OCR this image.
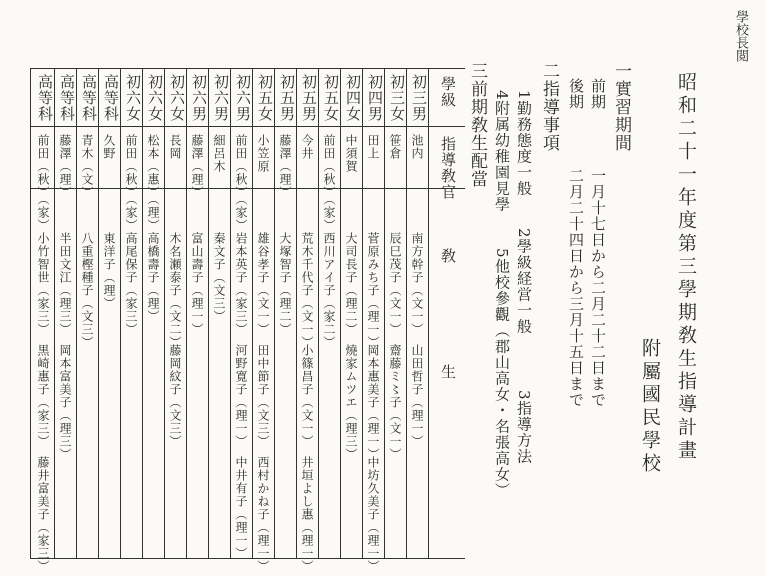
學校長閲
昭和二十一年度第三學期敎生指導計畫
附屬國民學校
一實習期間
前期
一月十七日から二月二十二日まで
後期
二月二十四日から三月十五日まで
二指導事項
1勤務態度一般
2學級経営一般
3指導方法
4附属幼稚園見學
5他校參觀（郡山高女・名張高女）
三前期敎生配當
學級
指導敎官
敎　　　生
初三男
池内
南方幹子（文一）
山田哲子（理一）
初三女
笹倉
辰巳茂子（文一）
齋藤ミ〻子（文一）
初四男
田上
菅原みち子（理一）
岡本惠美子（理一）
中坊久美子（理一）
初四女
中須賀
大司長子（理二）
燒家ムツエ（理三）
初五女
前田（秋）（家）
西川アイ子（家二）
初五男
今井
荒木千代子（文一）
小篠昌子（文一）
井垣よし惠（理一）
初五男
藤澤（理）
大塚智子（理二）
初五女
小笠原
雄谷孝子（文一）
田中節子（文三）
西村かね子（理一）
初六男
前田（秋）（家）
岩本英子（家三）
河野寛子（理一）
中井有子（理一）
初六男
細呂木
秦文子（文三）
初六男
藤澤（理）
富山壽子（理一）
初六女
長岡
木名瀬泰子（文二）
藤岡紋子（文三）
初六女
松本（惠）（理）
高橋壽子（理）
初六女
前田（秋）（家）
高尾保子（家三）
高等科
久野
東洋子（理）
高等科
青木（文）
八重樫種子（文三）
高等科
藤澤（理）
半田文江（理三）
岡本富美子（理三）
高等科
前田（秋）（家）
小竹智世（家三）
黒崎惠子（家三）
藤井富美子（家三）
